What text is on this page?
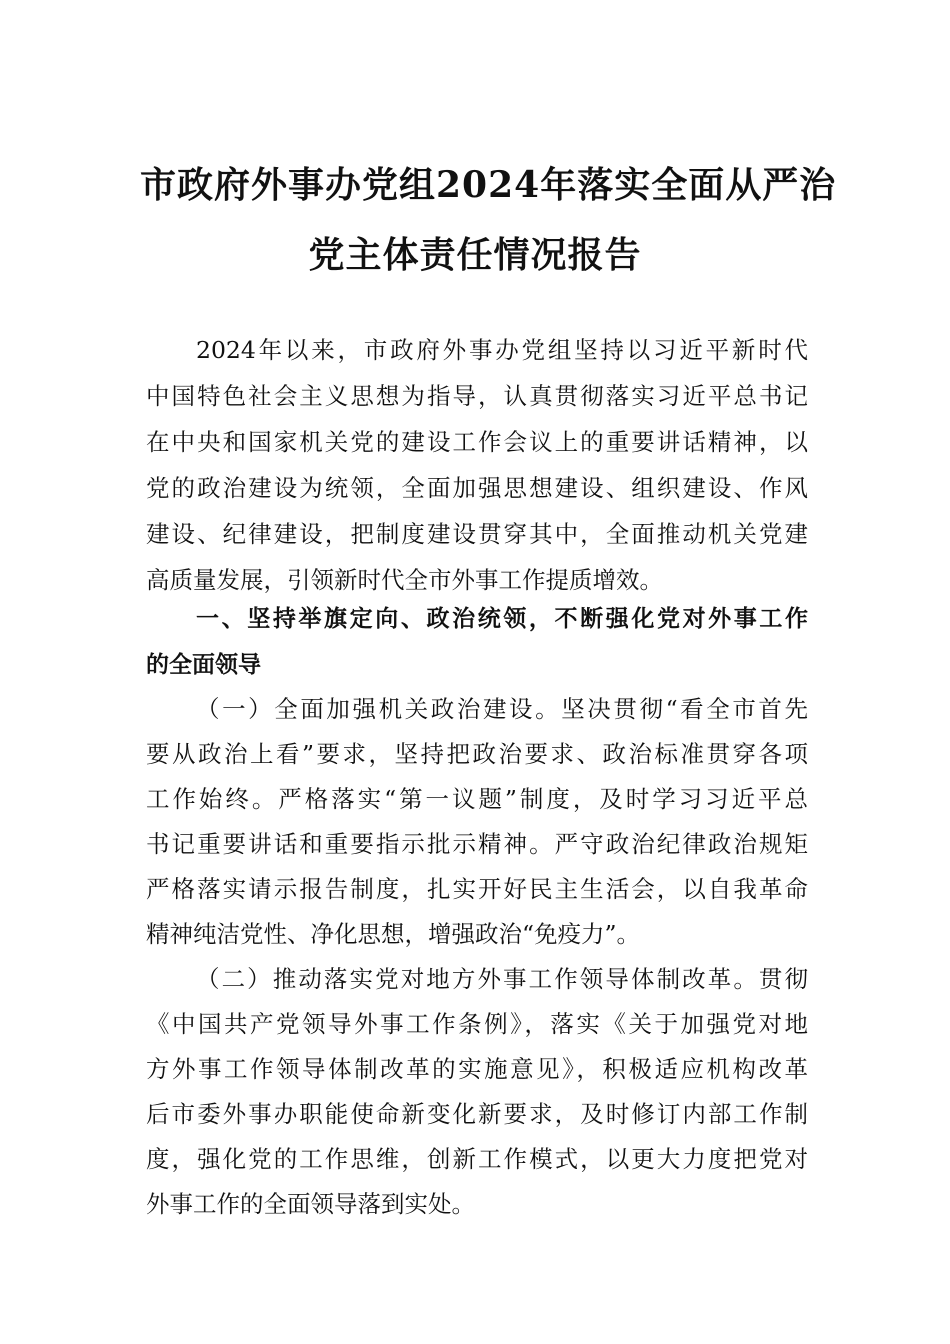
市政府外事办党组2024年落实全面从严治
党主体责任情况报告
2024年以来，市政府外事办党组坚持以习近平新时代
中国特色社会主义思想为指导，认真贯彻落实习近平总书记
在中央和国家机关党的建设工作会议上的重要讲话精神，以
党的政治建设为统领，全面加强思想建设、组织建设、作风
建设、纪律建设，把制度建设贯穿其中，全面推动机关党建
高质量发展，引领新时代全市外事工作提质增效。
一、坚持举旗定向、政治统领，不断强化党对外事工作
的全面领导
（一）全面加强机关政治建设。坚决贯彻“看全市首先
要从政治上看”要求，坚持把政治要求、政治标准贯穿各项
工作始终。严格落实“第一议题”制度，及时学习习近平总
书记重要讲话和重要指示批示精神。严守政治纪律政治规矩
严格落实请示报告制度，扎实开好民主生活会，以自我革命
精神纯洁党性、净化思想，增强政治“免疫力”。
（二）推动落实党对地方外事工作领导体制改革。贯彻
《中国共产党领导外事工作条例》，落实《关于加强党对地
方外事工作领导体制改革的实施意见》，积极适应机构改革
后市委外事办职能使命新变化新要求，及时修订内部工作制
度，强化党的工作思维，创新工作模式，以更大力度把党对
外事工作的全面领导落到实处。
